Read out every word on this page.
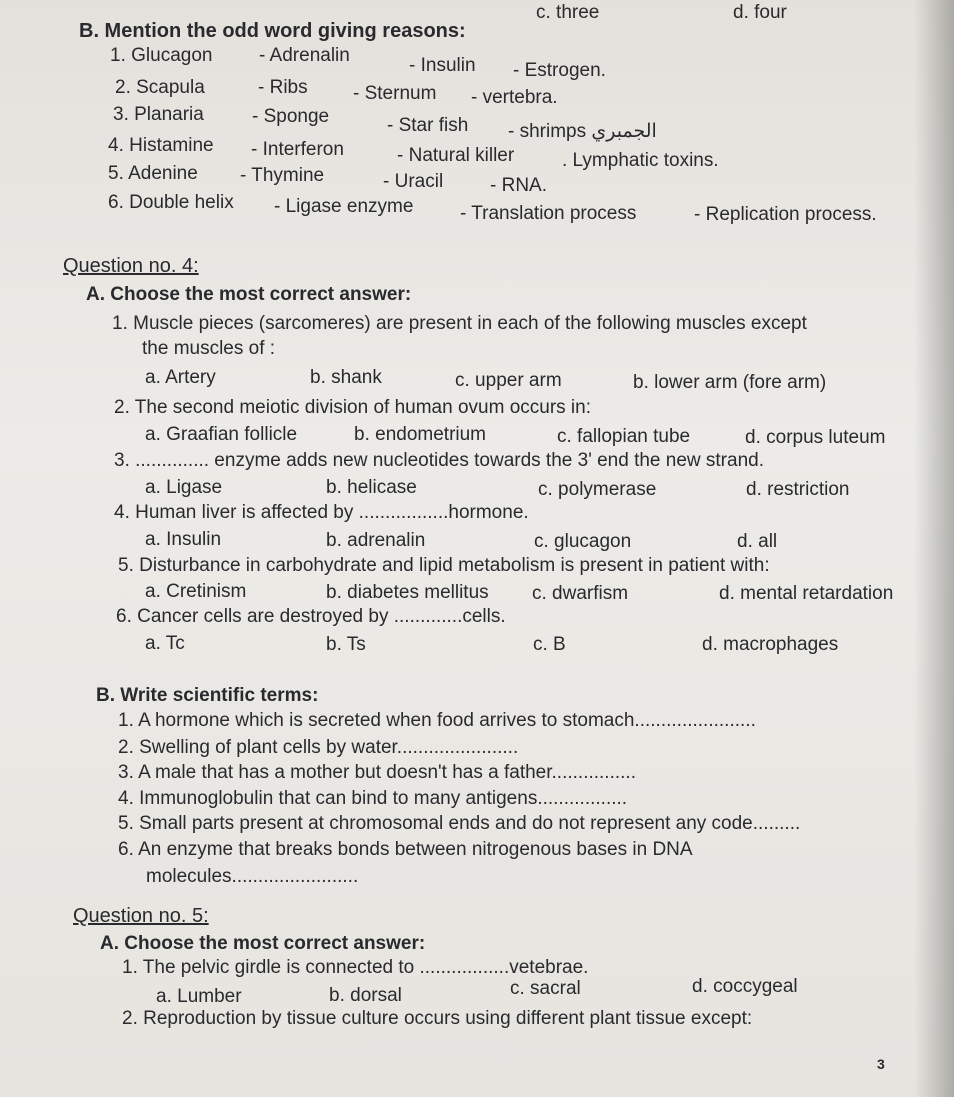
c. three	d. four
B. Mention the odd word giving reasons:
1. Glucagon - Adrenalin	- Insulin - Estrogen.
2. Scapula	- Ribs - Sternum - vertebra.
3. Planaria	- Sponge	- Star fish - shrimps الجمبري
4. Histamine - Interferon	- Natural killer	. Lymphatic toxins.
5. Adenine - Thymine	- Uracil - RNA.
6. Double helix - Ligase enzyme - Translation process	- Replication process.
Question no. 4:
A. Choose the most correct answer:
1. Muscle pieces (sarcomeres) are present in each of the following muscles except
the muscles of :
a. Artery	b. shank	c. upper arm	b. lower arm (fore arm)
2. The second meiotic division of human ovum occurs in:
a. Graafian follicle	b. endometrium	c. fallopian tube	d. corpus luteum
3. .............. enzyme adds new nucleotides towards the 3' end the new strand.
a. Ligase	b. helicase	c. polymerase	d. restriction
4. Human liver is affected by .................hormone.
a. Insulin	b. adrenalin	c. glucagon	d. all
5. Disturbance in carbohydrate and lipid metabolism is present in patient with:
a. Cretinism	b. diabetes mellitus c. dwarfism	d. mental retardation
6. Cancer cells are destroyed by .............cells.
a. Tc	b. Ts	c. B	d. macrophages
B. Write scientific terms:
1. A hormone which is secreted when food arrives to stomach.......................
2. Swelling of plant cells by water.......................
3. A male that has a mother but doesn't has a father................
4. Immunoglobulin that can bind to many antigens.................
5. Small parts present at chromosomal ends and do not represent any code.........
6. An enzyme that breaks bonds between nitrogenous bases in DNA
molecules........................
Question no. 5:
A. Choose the most correct answer:
1. The pelvic girdle is connected to .................vetebrae.
a. Lumber	b. dorsal	c. sacral	d. coccygeal
2. Reproduction by tissue culture occurs using different plant tissue except:
3
